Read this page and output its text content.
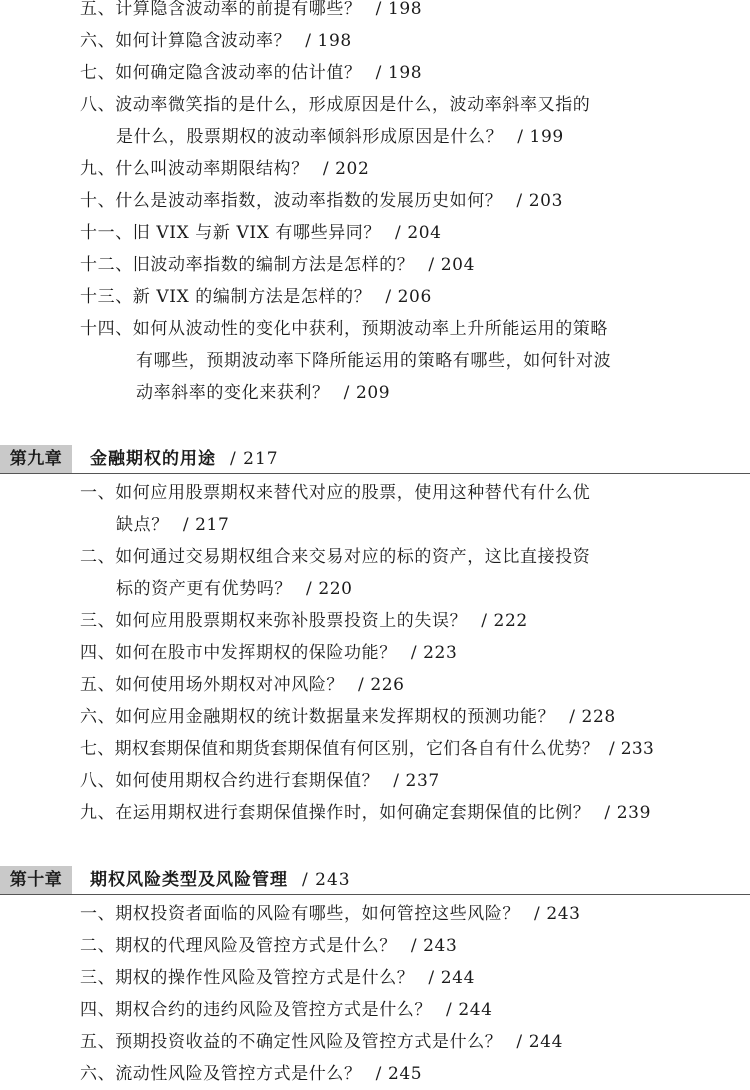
五、计算隐含波动率的前提有哪些？ / 198

六、如何计算隐含波动率？ / 198

七、如何确定隐含波动率的估计值？ / 198

八、波动率微笑指的是什么，形成原因是什么，波动率斜率又指的
是什么，股票期权的波动率倾斜形成原因是什么？ / 199

九、什么叫波动率期限结构？ / 202

十、什么是波动率指数，波动率指数的发展历史如何？ / 203

十一、旧 VIX 与新 VIX 有哪些异同？ / 204

十二、旧波动率指数的编制方法是怎样的？ / 204

十三、新 VIX 的编制方法是怎样的？ / 206

十四、如何从波动性的变化中获利，预期波动率上升所能运用的策略
有哪些，预期波动率下降所能运用的策略有哪些，如何针对波
动率斜率的变化来获利？ / 209

第九章	金融期权的用途 / 217

一、如何应用股票期权来替代对应的股票，使用这种替代有什么优
缺点？ / 217

二、如何通过交易期权组合来交易对应的标的资产，这比直接投资
标的资产更有优势吗？ / 220

三、如何应用股票期权来弥补股票投资上的失误？ / 222

四、如何在股市中发挥期权的保险功能？ / 223

五、如何使用场外期权对冲风险？ / 226

六、如何应用金融期权的统计数据量来发挥期权的预测功能？ / 228

七、期权套期保值和期货套期保值有何区别，它们各自有什么优势？ / 233

八、如何使用期权合约进行套期保值？ / 237

九、在运用期权进行套期保值操作时，如何确定套期保值的比例？ / 239

第十章	期权风险类型及风险管理 / 243

一、期权投资者面临的风险有哪些，如何管控这些风险？ / 243

二、期权的代理风险及管控方式是什么？ / 243

三、期权的操作性风险及管控方式是什么？ / 244

四、期权合约的违约风险及管控方式是什么？ / 244

五、预期投资收益的不确定性风险及管控方式是什么？ / 244

六、流动性风险及管控方式是什么？ / 245
